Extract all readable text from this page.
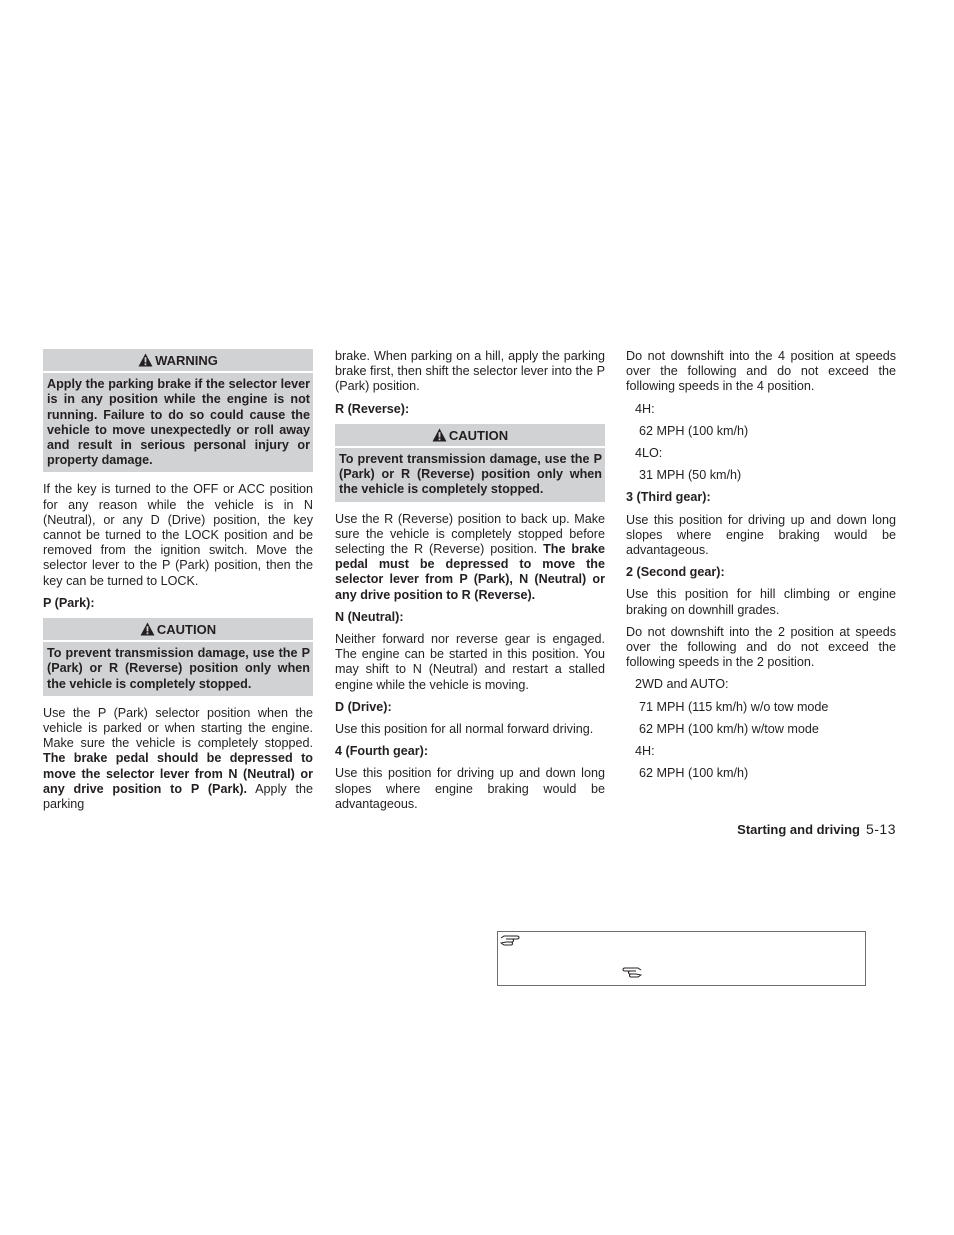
WARNING
Apply the parking brake if the selector lever is in any position while the engine is not running. Failure to do so could cause the vehicle to move unexpectedly or roll away and result in serious personal injury or property damage.

If the key is turned to the OFF or ACC position for any reason while the vehicle is in N (Neutral), or any D (Drive) position, the key cannot be turned to the LOCK position and be removed from the ignition switch. Move the selector lever to the P (Park) position, then the key can be turned to LOCK.

P (Park):
CAUTION
To prevent transmission damage, use the P (Park) or R (Reverse) position only when the vehicle is completely stopped.

Use the P (Park) selector position when the vehicle is parked or when starting the engine. Make sure the vehicle is completely stopped. The brake pedal should be depressed to move the selector lever from N (Neutral) or any drive position to P (Park). Apply the parking

brake. When parking on a hill, apply the parking brake first, then shift the selector lever into the P (Park) position.

R (Reverse):
CAUTION
To prevent transmission damage, use the P (Park) or R (Reverse) position only when the vehicle is completely stopped.

Use the R (Reverse) position to back up. Make sure the vehicle is completely stopped before selecting the R (Reverse) position. The brake pedal must be depressed to move the selector lever from P (Park), N (Neutral) or any drive position to R (Reverse).

N (Neutral):

Neither forward nor reverse gear is engaged. The engine can be started in this position. You may shift to N (Neutral) and restart a stalled engine while the vehicle is moving.

D (Drive):

Use this position for all normal forward driving.

4 (Fourth gear):

Use this position for driving up and down long slopes where engine braking would be advantageous.

Do not downshift into the 4 position at speeds over the following and do not exceed the following speeds in the 4 position.

4H:
62 MPH (100 km/h)
4LO:
31 MPH (50 km/h)
3 (Third gear):

Use this position for driving up and down long slopes where engine braking would be advantageous.

2 (Second gear):

Use this position for hill climbing or engine braking on downhill grades.

Do not downshift into the 2 position at speeds over the following and do not exceed the following speeds in the 2 position.

2WD and AUTO:
71 MPH (115 km/h) w/o tow mode
62 MPH (100 km/h) w/tow mode
4H:
62 MPH (100 km/h)
Starting and driving 5-13
